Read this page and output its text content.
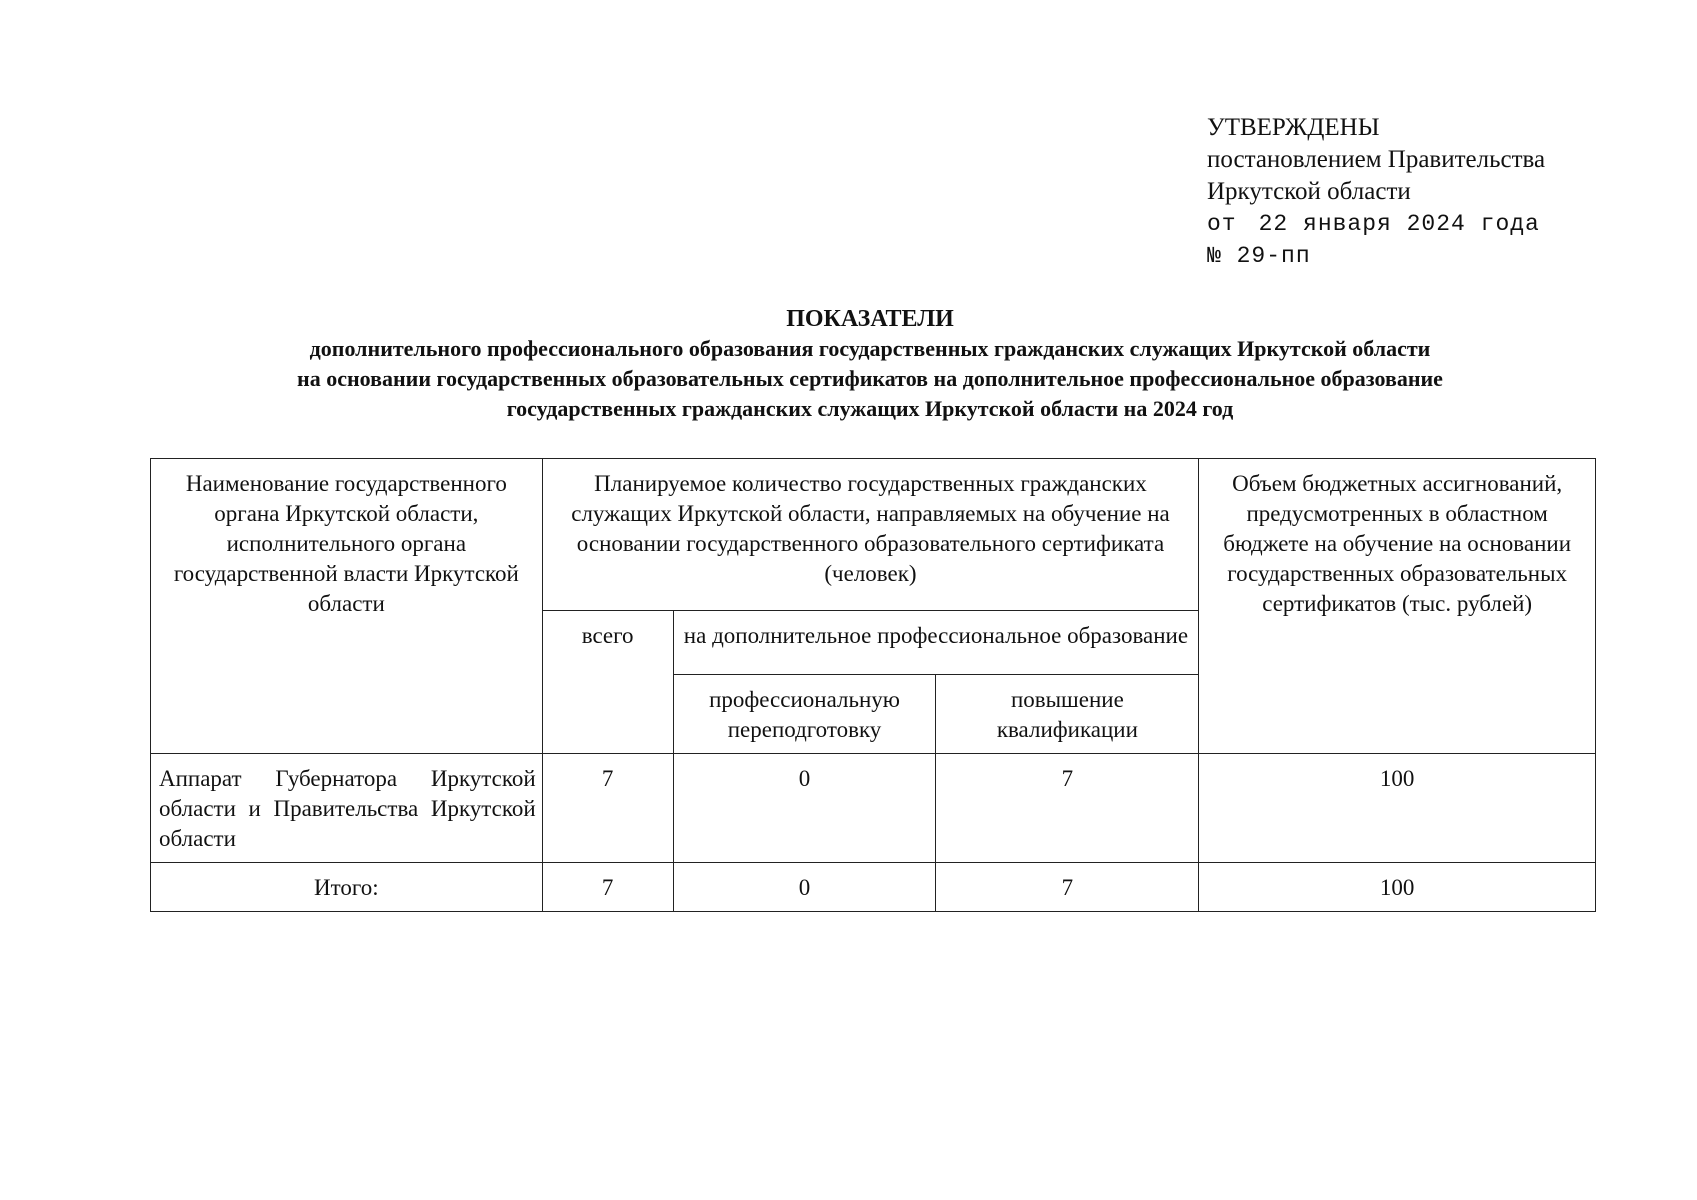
УТВЕРЖДЕНЫ
постановлением Правительства
Иркутской области
от 22 января 2024 года
№ 29-пп
ПОКАЗАТЕЛИ
дополнительного профессионального образования государственных гражданских служащих Иркутской области
на основании государственных образовательных сертификатов на дополнительное профессиональное образование
государственных гражданских служащих Иркутской области на 2024 год
Наименование государственного органа Иркутской области, исполнительного органа государственной власти Иркутской области	Планируемое количество государственных гражданских служащих Иркутской области, направляемых на обучение на основании государственного образовательного сертификата (человек)			Объем бюджетных ассигнований, предусмотренных в областном бюджете на обучение на основании государственных образовательных сертификатов (тыс. рублей)
	всего	на дополнительное профессиональное образование		
		профессиональную переподготовку	повышение квалификации	
Аппарат Губернатора Иркутской области и Правительства Иркутской области	7	0	7	100
Итого:	7	0	7	100
